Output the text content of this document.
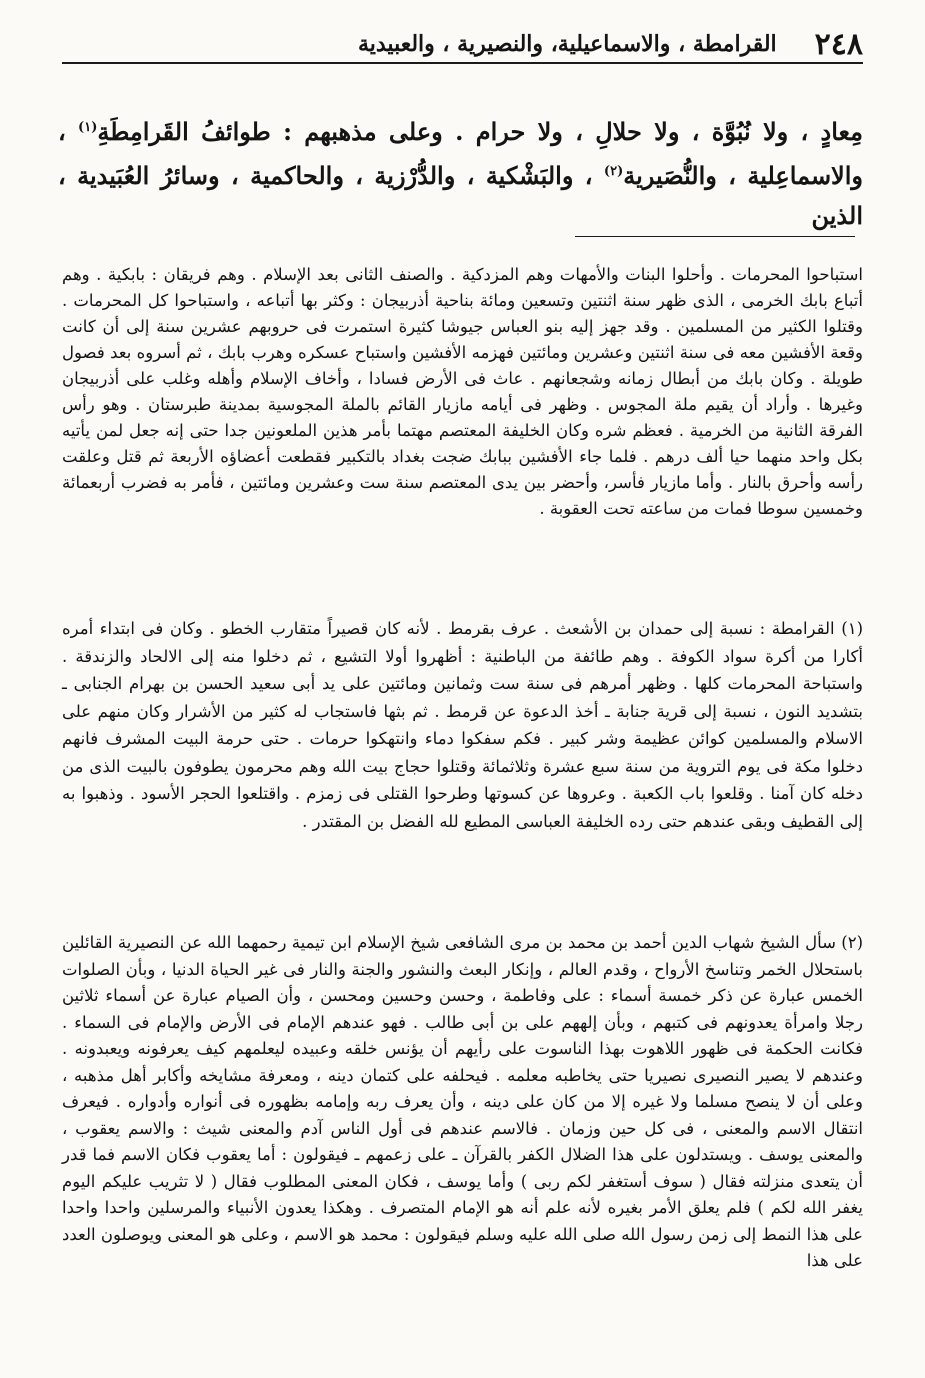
٢٤٨
القرامطة ، والاسماعيلية، والنصيرية ، والعبيدية
مِعادٍ ، ولا نُبُوَّة ، ولا حلالِ ، ولا حرام . وعلى مذهبهم : طوائفُ القَرامِطَةِ$^{(١)}$ ، والاسماعِلية ، والنُّصَيرية$^{(٢)}$ ، والبَشْكية ، والدُّرْزية ، والحاكمية ، وسائرُ العُبَيدية ، الذين
استباحوا المحرمات . وأحلوا البنات والأمهات وهم المزدكية . والصنف الثانى بعد الإسلام . وهم فريقان : بابكية . وهم أتباع بابك الخرمى ، الذى ظهر سنة اثنتين وتسعين ومائة بناحية أذربيجان : وكثر بها أتباعه ، واستباحوا كل المحرمات . وقتلوا الكثير من المسلمين . وقد جهز إليه بنو العباس جيوشا كثيرة استمرت فى حروبهم عشرين سنة إلى أن كانت وقعة الأفشين معه فى سنة اثنتين وعشرين ومائتين فهزمه الأفشين واستباح عسكره وهرب بابك ، ثم أسروه بعد فصول طويلة . وكان بابك من أبطال زمانه وشجعانهم . عاث فى الأرض فسادا ، وأخاف الإسلام وأهله وغلب على أذربيجان وغيرها . وأراد أن يقيم ملة المجوس . وظهر فى أيامه مازيار القائم بالملة المجوسية بمدينة طبرستان . وهو رأس الفرقة الثانية من الخرمية . فعظم شره وكان الخليفة المعتصم مهتما بأمر هذين الملعونين جدا حتى إنه جعل لمن يأتيه بكل واحد منهما حيا ألف درهم . فلما جاء الأفشين ببابك ضجت بغداد بالتكبير فقطعت أعضاؤه الأربعة ثم قتل وعلقت رأسه وأحرق بالنار . وأما مازيار فأسر، وأحضر بين يدى المعتصم سنة ست وعشرين ومائتين ، فأمر به فضرب أربعمائة وخمسين سوطا فمات من ساعته تحت العقوبة .
(١) القرامطة : نسبة إلى حمدان بن الأشعث . عرف بقرمط . لأنه كان قصيراً متقارب الخطو . وكان فى ابتداء أمره أكارا من أكرة سواد الكوفة . وهم طائفة من الباطنية : أظهروا أولا التشيع ، ثم دخلوا منه إلى الالحاد والزندقة . واستباحة المحرمات كلها . وظهر أمرهم فى سنة ست وثمانين ومائتين على يد أبى سعيد الحسن بن بهرام الجنابى ـ بتشديد النون ، نسبة إلى قرية جنابة ـ أخذ الدعوة عن قرمط . ثم بثها فاستجاب له كثير من الأشرار وكان منهم على الاسلام والمسلمين كوائن عظيمة وشر كبير . فكم سفكوا دماء وانتهكوا حرمات . حتى حرمة البيت المشرف فانهم دخلوا مكة فى يوم التروية من سنة سبع عشرة وثلاثمائة وقتلوا حجاج بيت الله وهم محرمون يطوفون بالبيت الذى من دخله كان آمنا . وقلعوا باب الكعبة . وعروها عن كسوتها وطرحوا القتلى فى زمزم . واقتلعوا الحجر الأسود . وذهبوا به إلى القطيف وبقى عندهم حتى رده الخليفة العباسى المطيع لله الفضل بن المقتدر .
(٢) سأل الشيخ شهاب الدين أحمد بن محمد بن مرى الشافعى شيخ الإسلام ابن تيمية رحمهما الله عن النصيرية القائلين باستحلال الخمر وتناسخ الأرواح ، وقدم العالم ، وإنكار البعث والنشور والجنة والنار فى غير الحياة الدنيا ، وبأن الصلوات الخمس عبارة عن ذكر خمسة أسماء : على وفاطمة ، وحسن وحسين ومحسن ، وأن الصيام عبارة عن أسماء ثلاثين رجلا وامرأة يعدونهم فى كتبهم ، وبأن إلههم على بن أبى طالب . فهو عندهم الإمام فى الأرض والإمام فى السماء . فكانت الحكمة فى ظهور اللاهوت بهذا الناسوت على رأيهم أن يؤنس خلقه وعبيده ليعلمهم كيف يعرفونه ويعبدونه . وعندهم لا يصير النصيرى نصيريا حتى يخاطبه معلمه . فيحلفه على كتمان دينه ، ومعرفة مشايخه وأكابر أهل مذهبه ، وعلى أن لا ينصح مسلما ولا غيره إلا من كان على دينه ، وأن يعرف ربه وإمامه بظهوره فى أنواره وأدواره . فيعرف انتقال الاسم والمعنى ، فى كل حين وزمان . فالاسم عندهم فى أول الناس آدم والمعنى شيث : والاسم يعقوب ، والمعنى يوسف . ويستدلون على هذا الضلال الكفر بالقرآن ـ على زعمهم ـ فيقولون : أما يعقوب فكان الاسم فما قدر أن يتعدى منزلته فقال ( سوف أستغفر لكم ربى ) وأما يوسف ، فكان المعنى المطلوب فقال ( لا تثريب عليكم اليوم يغفر الله لكم ) فلم يعلق الأمر بغيره لأنه علم أنه هو الإمام المتصرف . وهكذا يعدون الأنبياء والمرسلين واحدا واحدا على هذا النمط إلى زمن رسول الله صلى الله عليه وسلم فيقولون : محمد هو الاسم ، وعلى هو المعنى ويوصلون العدد على هذا
